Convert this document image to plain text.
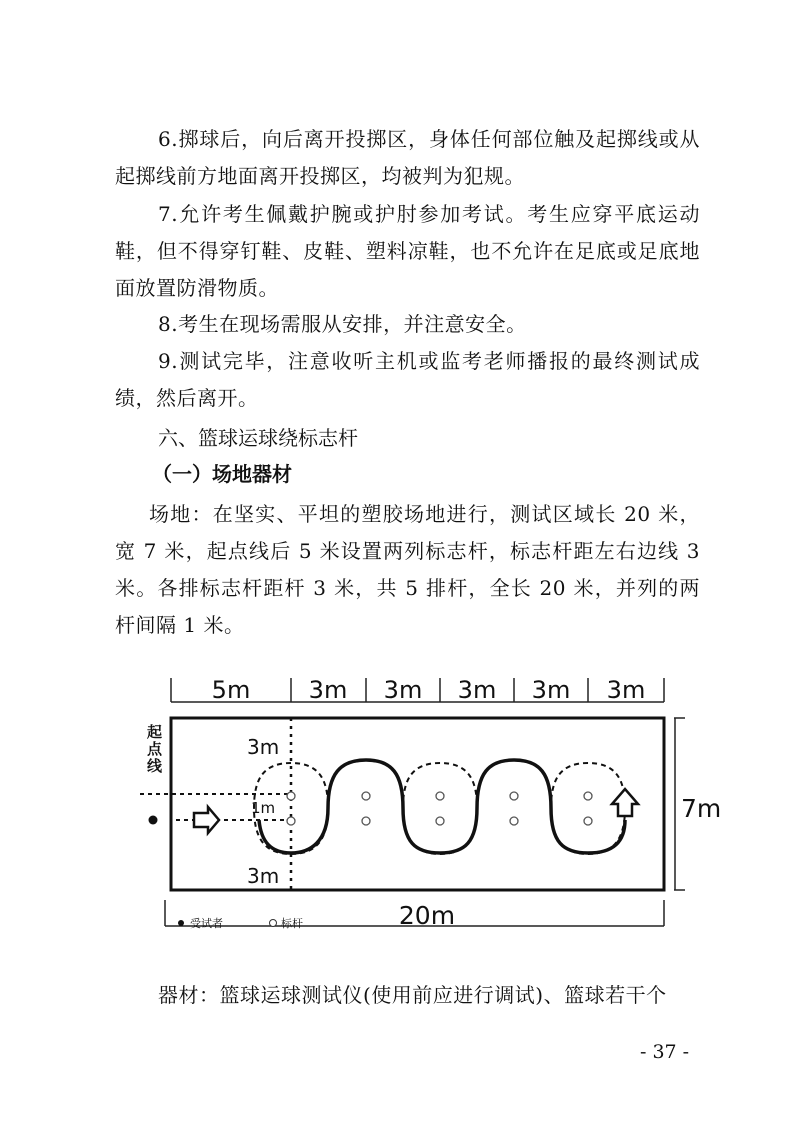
6.掷球后，向后离开投掷区，身体任何部位触及起掷线或从起掷线前方地面离开投掷区，均被判为犯规。

7.允许考生佩戴护腕或护肘参加考试。考生应穿平底运动鞋，但不得穿钉鞋、皮鞋、塑料凉鞋，也不允许在足底或足底地面放置防滑物质。

8.考生在现场需服从安排，并注意安全。

9.测试完毕，注意收听主机或监考老师播报的最终测试成绩，然后离开。

六、篮球运球绕标志杆

（一）场地器材

场地：在坚实、平坦的塑胶场地进行，测试区域长 20 米，宽 7 米，起点线后 5 米设置两列标志杆，标志杆距左右边线 3 米。各排标志杆距杆 3 米，共 5 排杆，全长 20 米，并列的两杆间隔 1 米。

5m 3m 3m 3m 3m 3m
起
点
线
3m
1m
3m
7m
20m
受试者	标杆

器材：篮球运球测试仪(使用前应进行调试)、篮球若干个

- 37 -
